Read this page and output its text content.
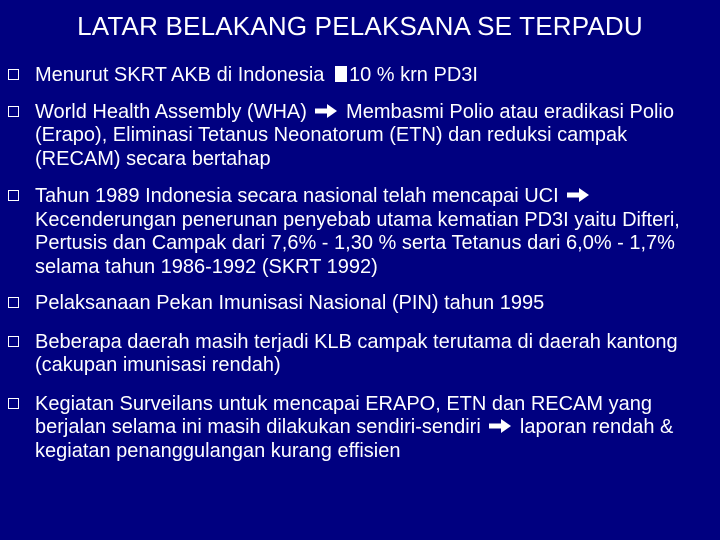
LATAR BELAKANG PELAKSANA SE TERPADU
Menurut SKRT AKB di Indonesia 10 % krn PD3I
World Health Assembly (WHA)  Membasmi Polio atau eradikasi Polio (Erapo), Eliminasi Tetanus Neonatorum (ETN) dan reduksi campak (RECAM) secara bertahap
Tahun 1989 Indonesia secara nasional telah mencapai UCI  Kecenderungan penerunan penyebab utama kematian PD3I yaitu Difteri, Pertusis dan Campak dari 7,6% - 1,30 % serta Tetanus dari 6,0% - 1,7% selama tahun 1986-1992 (SKRT 1992)
Pelaksanaan Pekan Imunisasi Nasional (PIN) tahun 1995
Beberapa daerah masih terjadi KLB campak terutama di daerah kantong (cakupan imunisasi rendah)
Kegiatan Surveilans untuk mencapai ERAPO, ETN dan RECAM yang berjalan selama ini masih dilakukan sendiri-sendiri  laporan rendah & kegiatan penanggulangan kurang effisien
